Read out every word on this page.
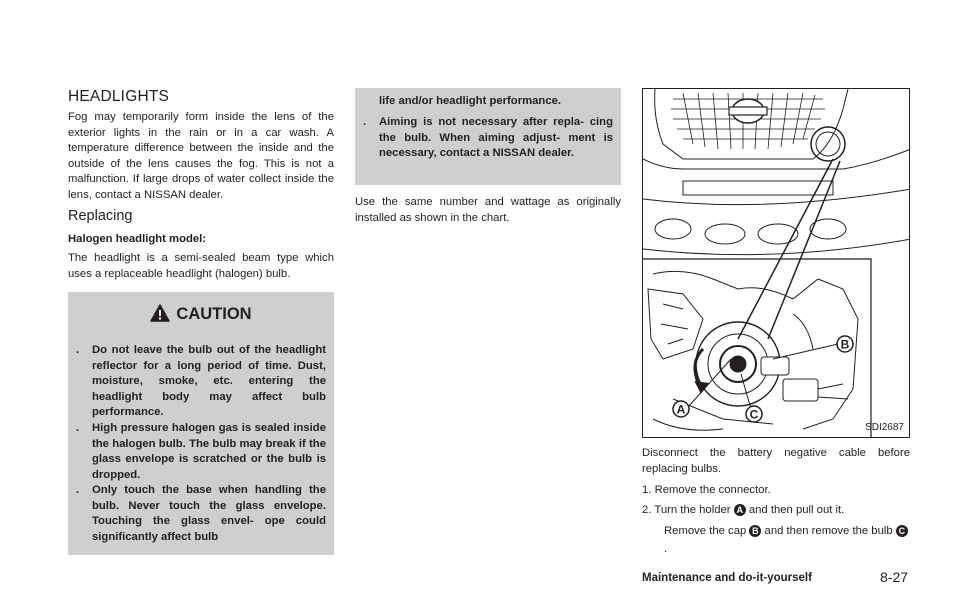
HEADLIGHTS

Fog may temporarily form inside the lens of the exterior lights in the rain or in a car wash. A temperature difference between the inside and the outside of the lens causes the fog. This is not a malfunction. If large drops of water collect inside the lens, contact a NISSAN dealer.

Replacing

Halogen headlight model:

The headlight is a semi-sealed beam type which uses a replaceable headlight (halogen) bulb.

CAUTION
. Do not leave the bulb out of the headlight reflector for a long period of time. Dust, moisture, smoke, etc. entering the headlight body may affect bulb performance.
. High pressure halogen gas is sealed inside the halogen bulb. The bulb may break if the glass envelope is scratched or the bulb is dropped.
. Only touch the base when handling the bulb. Never touch the glass envelope. Touching the glass envel- ope could significantly affect bulb
life and/or headlight performance.
. Aiming is not necessary after repla- cing the bulb. When aiming adjust- ment is necessary, contact a NISSAN dealer.

Use the same number and wattage as originally installed as shown in the chart.

B
A	C
SDI2687

Disconnect the battery negative cable before replacing bulbs.

1. Remove the connector.
2. Turn the holder A and then pull out it.
Remove the cap B and then remove the bulb C.
Maintenance and do-it-yourself	8-27
